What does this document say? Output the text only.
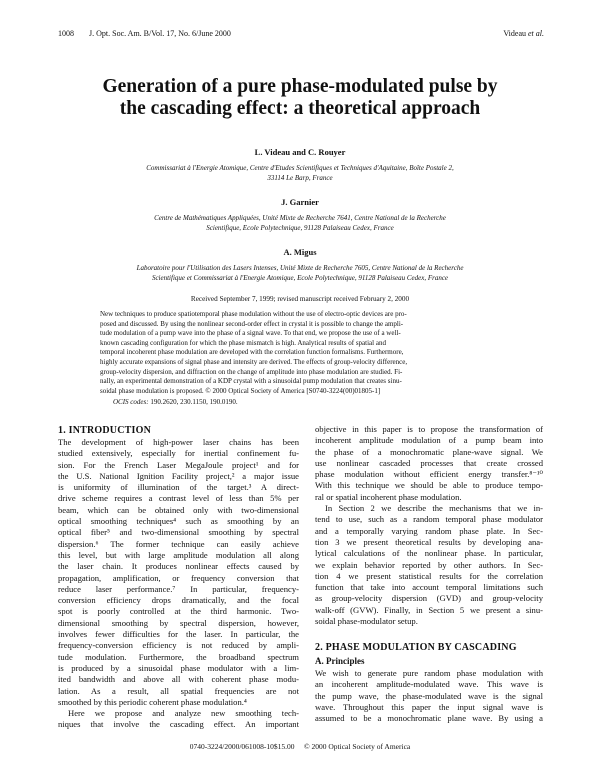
1008 J. Opt. Soc. Am. B/Vol. 17, No. 6/June 2000	Videau et al.
Generation of a pure phase-modulated pulse by
the cascading effect: a theoretical approach
L. Videau and C. Rouyer
Commissariat à l'Energie Atomique, Centre d'Etudes Scientifiques et Techniques d'Aquitaine, Boîte Postale 2,
33114 Le Barp, France
J. Garnier
Centre de Mathématiques Appliquées, Unité Mixte de Recherche 7641, Centre National de la Recherche
Scientifique, Ecole Polytechnique, 91128 Palaiseau Cedex, France
A. Migus
Laboratoire pour l'Utilisation des Lasers Intenses, Unité Mixte de Recherche 7605, Centre National de la Recherche
Scientifique et Commissariat à l'Energie Atomique, Ecole Polytechnique, 91128 Palaiseau Cedex, France
Received September 7, 1999; revised manuscript received February 2, 2000
New techniques to produce spatiotemporal phase modulation without the use of electro-optic devices are pro-
posed and discussed. By using the nonlinear second-order effect in crystal it is possible to change the ampli-
tude modulation of a pump wave into the phase of a signal wave. To that end, we propose the use of a well-
known cascading configuration for which the phase mismatch is high. Analytical results of spatial and
temporal incoherent phase modulation are developed with the correlation function formalisms. Furthermore,
highly accurate expansions of signal phase and intensity are derived. The effects of group-velocity difference,
group-velocity dispersion, and diffraction on the change of amplitude into phase modulation are studied. Fi-
nally, an experimental demonstration of a KDP crystal with a sinusoidal pump modulation that creates sinu-
soidal phase modulation is proposed. © 2000 Optical Society of America [S0740-3224(00)01805-1]
OCIS codes: 190.2620, 230.1150, 190.0190.
1. INTRODUCTION
The development of high-power laser chains has been
studied extensively, especially for inertial confinement fu-
sion. For the French Laser MegaJoule project¹ and for
the U.S. National Ignition Facility project,² a major issue
is uniformity of illumination of the target.³ A direct-
drive scheme requires a contrast level of less than 5% per
beam, which can be obtained only with two-dimensional
optical smoothing techniques⁴ such as smoothing by an
optical fiber⁵ and two-dimensional smoothing by spectral
dispersion.⁶ The former technique can easily achieve
this level, but with large amplitude modulation all along
the laser chain. It produces nonlinear effects caused by
propagation, amplification, or frequency conversion that
reduce laser performance.⁷ In particular, frequency-
conversion efficiency drops dramatically, and the focal
spot is poorly controlled at the third harmonic. Two-
dimensional smoothing by spectral dispersion, however,
involves fewer difficulties for the laser. In particular, the
frequency-conversion efficiency is not reduced by ampli-
tude modulation. Furthermore, the broadband spectrum
is produced by a sinusoidal phase modulator with a lim-
ited bandwidth and above all with coherent phase modu-
lation. As a result, all spatial frequencies are not
smoothed by this periodic coherent phase modulation.⁴
Here we propose and analyze new smoothing tech-
niques that involve the cascading effect. An important
objective in this paper is to propose the transformation of
incoherent amplitude modulation of a pump beam into
the phase of a monochromatic plane-wave signal. We
use nonlinear cascaded processes that create crossed
phase modulation without efficient energy transfer.⁸⁻¹⁰
With this technique we should be able to produce tempo-
ral or spatial incoherent phase modulation.
In Section 2 we describe the mechanisms that we in-
tend to use, such as a random temporal phase modulator
and a temporally varying random phase plate. In Sec-
tion 3 we present theoretical results by developing ana-
lytical calculations of the nonlinear phase. In particular,
we explain behavior reported by other authors. In Sec-
tion 4 we present statistical results for the correlation
function that take into account temporal limitations such
as group-velocity dispersion (GVD) and group-velocity
walk-off (GVW). Finally, in Section 5 we present a sinu-
soidal phase-modulator setup.
2. PHASE MODULATION BY CASCADING
A. Principles
We wish to generate pure random phase modulation with
an incoherent amplitude-modulated wave. This wave is
the pump wave, the phase-modulated wave is the signal
wave. Throughout this paper the input signal wave is
assumed to be a monochromatic plane wave. By using a
0740-3224/2000/061008-10$15.00 © 2000 Optical Society of America
